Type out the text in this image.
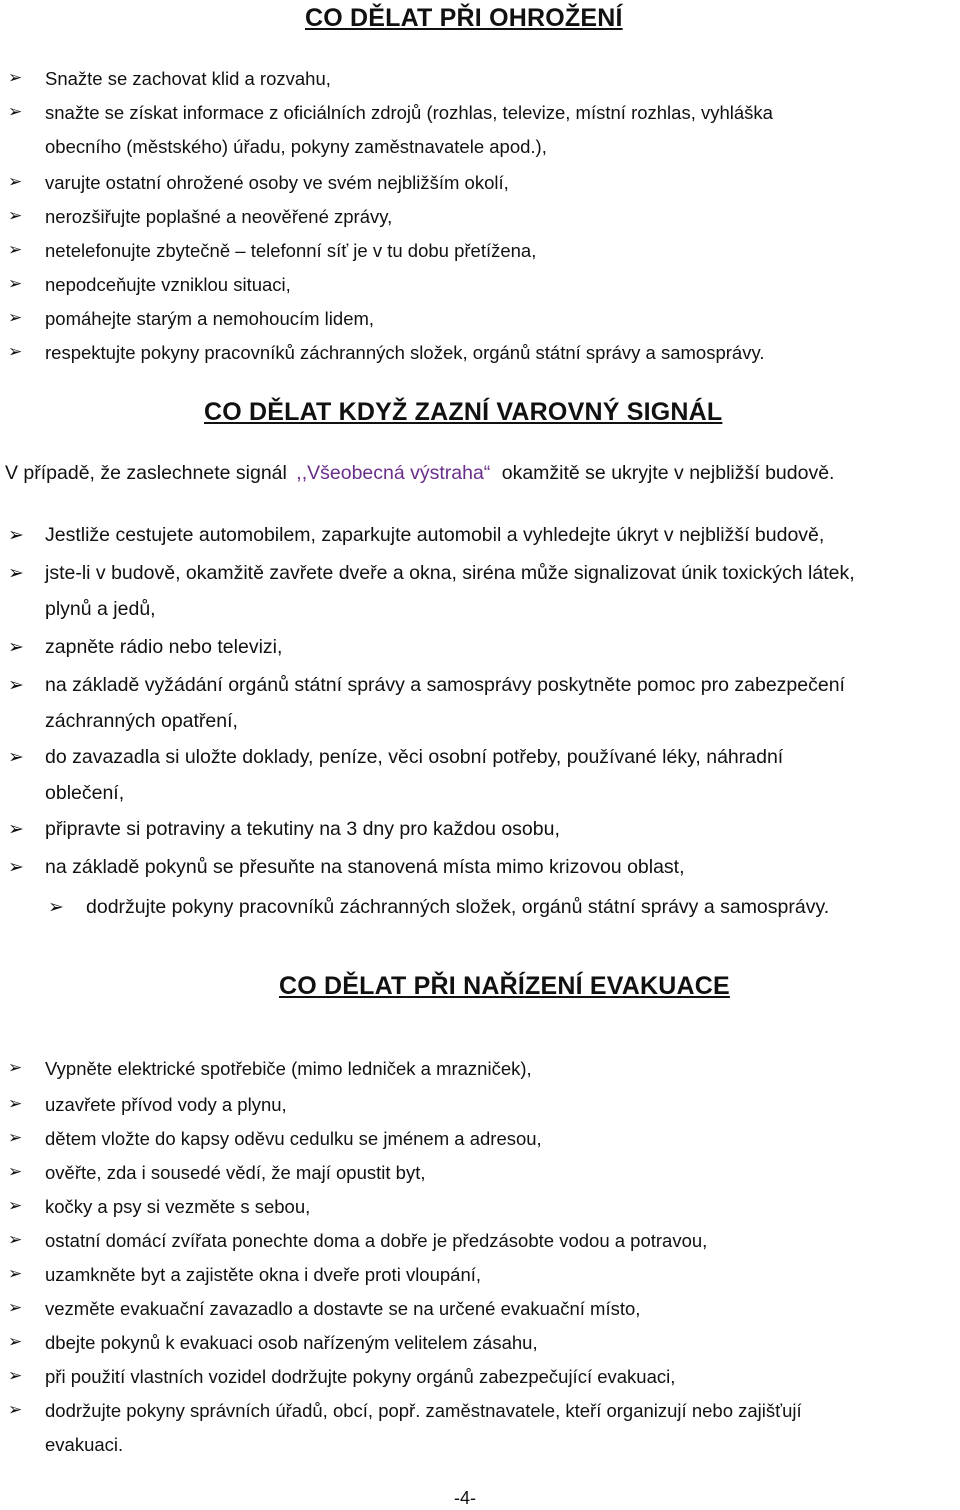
CO DĚLAT PŘI OHROŽENÍ
➢ Snažte se zachovat klid a rozvahu,
➢ snažte se získat informace z oficiálních zdrojů (rozhlas, televize, místní rozhlas, vyhláška
obecního (městského) úřadu, pokyny zaměstnavatele apod.),
➢ varujte ostatní ohrožené osoby ve svém nejbližším okolí,
➢ nerozšiřujte poplašné a neověřené zprávy,
➢ netelefonujte zbytečně – telefonní síť je v tu dobu přetížena,
➢ nepodceňujte vzniklou situaci,
➢ pomáhejte starým a nemohoucím lidem,
➢ respektujte pokyny pracovníků záchranných složek, orgánů státní správy a samosprávy.
CO DĚLAT KDYŽ ZAZNÍ VAROVNÝ SIGNÁL
V případě, že zaslechnete signál ,,Všeobecná výstraha“ okamžitě se ukryjte v nejbližší budově.
➢ Jestliže cestujete automobilem, zaparkujte automobil a vyhledejte úkryt v nejbližší budově,
➢ jste-li v budově, okamžitě zavřete dveře a okna, siréna může signalizovat únik toxických látek,
plynů a jedů,
➢ zapněte rádio nebo televizi,
➢ na základě vyžádání orgánů státní správy a samosprávy poskytněte pomoc pro zabezpečení
záchranných opatření,
➢ do zavazadla si uložte doklady, peníze, věci osobní potřeby, používané léky, náhradní
oblečení,
➢ připravte si potraviny a tekutiny na 3 dny pro každou osobu,
➢ na základě pokynů se přesuňte na stanovená místa mimo krizovou oblast,
➢ dodržujte pokyny pracovníků záchranných složek, orgánů státní správy a samosprávy.
CO DĚLAT PŘI NAŘÍZENÍ EVAKUACE
➢ Vypněte elektrické spotřebiče (mimo ledniček a mrazniček),
➢ uzavřete přívod vody a plynu,
➢ dětem vložte do kapsy oděvu cedulku se jménem a adresou,
➢ ověřte, zda i sousedé vědí, že mají opustit byt,
➢ kočky a psy si vezměte s sebou,
➢ ostatní domácí zvířata ponechte doma a dobře je předzásobte vodou a potravou,
➢ uzamkněte byt a zajistěte okna i dveře proti vloupání,
➢ vezměte evakuační zavazadlo a dostavte se na určené evakuační místo,
➢ dbejte pokynů k evakuaci osob nařízeným velitelem zásahu,
➢ při použití vlastních vozidel dodržujte pokyny orgánů zabezpečující evakuaci,
➢ dodržujte pokyny správních úřadů, obcí, popř. zaměstnavatele, kteří organizují nebo zajišťují
evakuaci.
-4-
